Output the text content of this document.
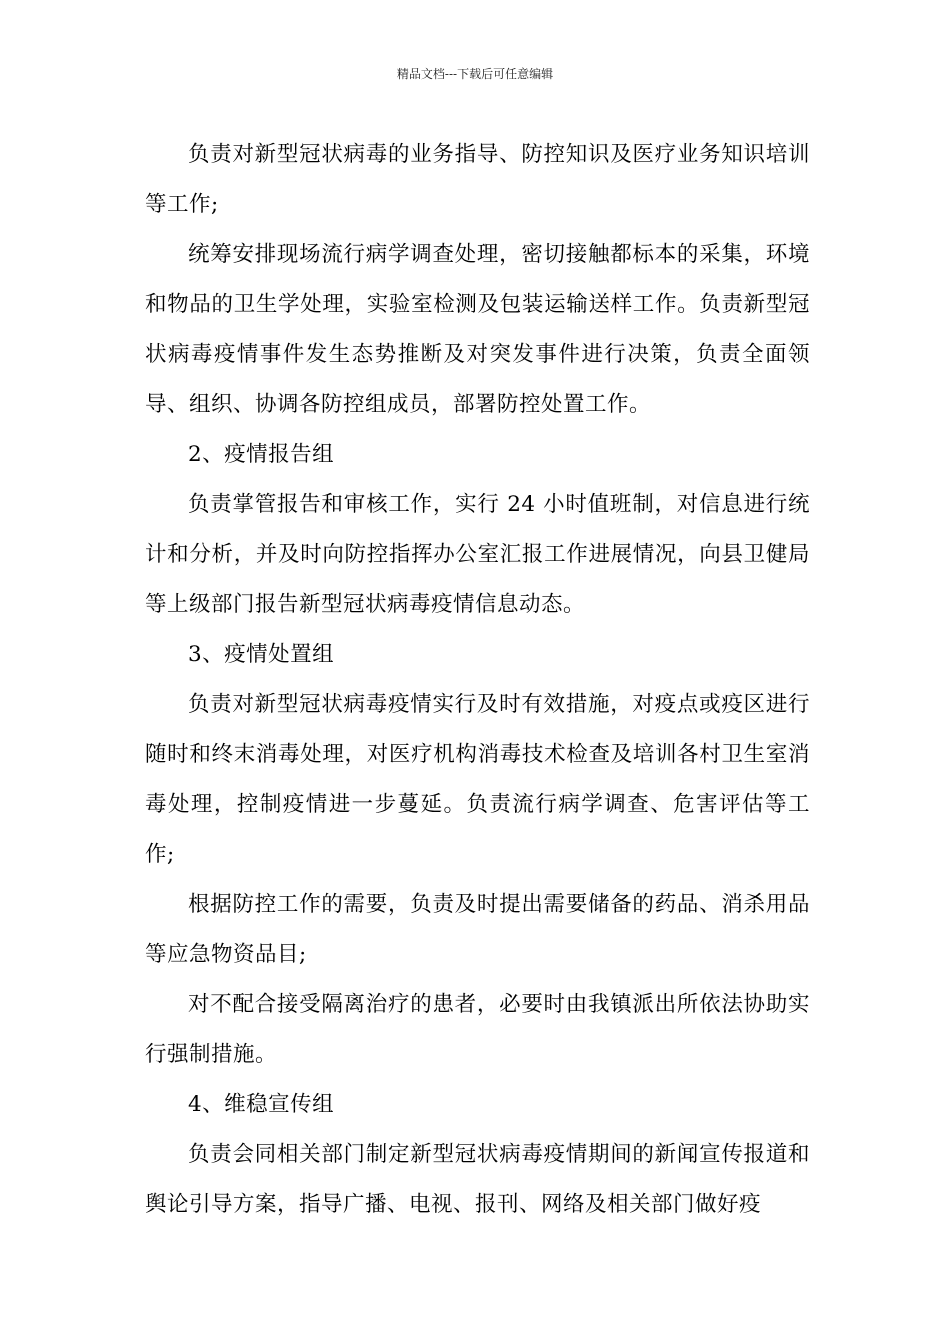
精品文档---下载后可任意编辑

负责对新型冠状病毒的业务指导、防控知识及医疗业务知识培训等工作;

统筹安排现场流行病学调查处理，密切接触都标本的采集，环境和物品的卫生学处理，实验室检测及包装运输送样工作。负责新型冠状病毒疫情事件发生态势推断及对突发事件进行决策，负责全面领导、组织、协调各防控组成员，部署防控处置工作。

2、疫情报告组

负责掌管报告和审核工作，实行 24 小时值班制，对信息进行统计和分析，并及时向防控指挥办公室汇报工作进展情况，向县卫健局等上级部门报告新型冠状病毒疫情信息动态。

3、疫情处置组

负责对新型冠状病毒疫情实行及时有效措施，对疫点或疫区进行随时和终末消毒处理，对医疗机构消毒技术检查及培训各村卫生室消毒处理，控制疫情进一步蔓延。负责流行病学调查、危害评估等工作;

根据防控工作的需要，负责及时提出需要储备的药品、消杀用品等应急物资品目;

对不配合接受隔离治疗的患者，必要时由我镇派出所依法协助实行强制措施。

4、维稳宣传组

负责会同相关部门制定新型冠状病毒疫情期间的新闻宣传报道和舆论引导方案，指导广播、电视、报刊、网络及相关部门做好疫
